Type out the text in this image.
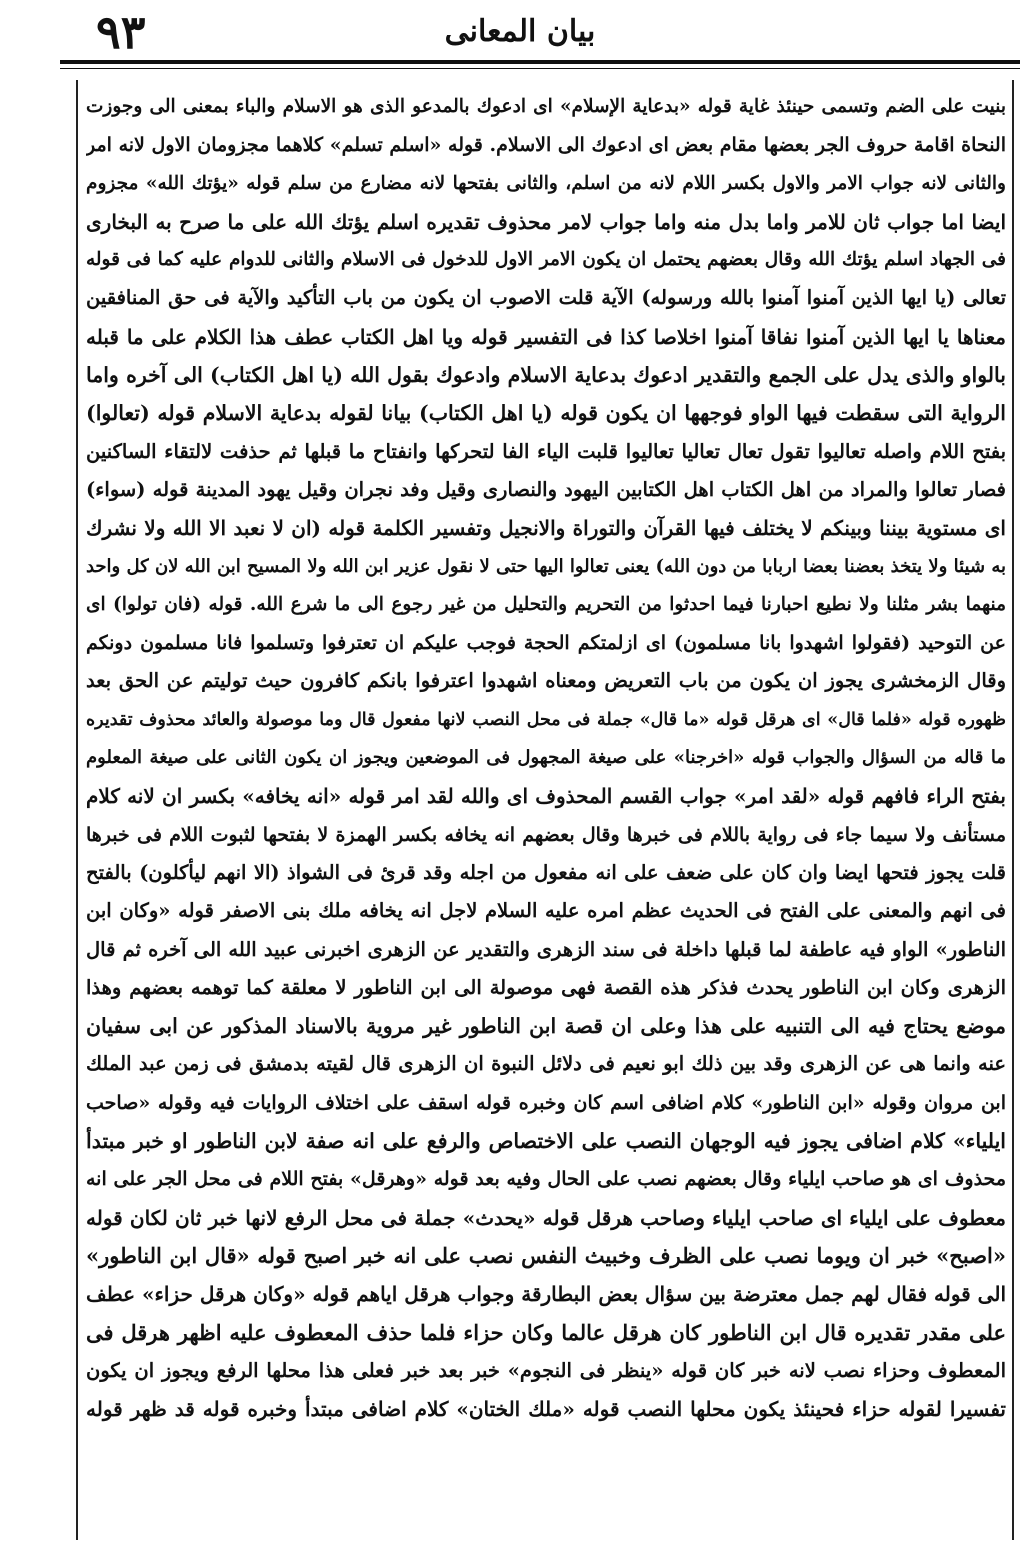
۹۳	بیان المعانی
بنيت على الضم وتسمى حينئذ غاية قوله «بدعاية الإسلام» اى ادعوك بالمدعو الذى هو الاسلام والباء بمعنى الى وجوزت
النحاة اقامة حروف الجر بعضها مقام بعض اى ادعوك الى الاسلام. قوله «اسلم تسلم» كلاهما مجزومان الاول لانه امر
والثانى لانه جواب الامر والاول بكسر اللام لانه من اسلم، والثانى بفتحها لانه مضارع من سلم قوله «يؤتك الله» مجزوم
ايضا اما جواب ثان للامر واما بدل منه واما جواب لامر محذوف تقديره اسلم يؤتك الله على ما صرح به البخارى
فى الجهاد اسلم يؤتك الله وقال بعضهم يحتمل ان يكون الامر الاول للدخول فى الاسلام والثانى للدوام عليه كما فى قوله
تعالى (يا ايها الذين آمنوا آمنوا بالله ورسوله) الآية قلت الاصوب ان يكون من باب التأكيد والآية فى حق المنافقين
معناها يا ايها الذين آمنوا نفاقا آمنوا اخلاصا كذا فى التفسير قوله ويا اهل الكتاب عطف هذا الكلام على ما قبله
بالواو والذى يدل على الجمع والتقدير ادعوك بدعاية الاسلام وادعوك بقول الله (يا اهل الكتاب) الى آخره واما
الرواية التى سقطت فيها الواو فوجهها ان يكون قوله (يا اهل الكتاب) بيانا لقوله بدعاية الاسلام قوله (تعالوا)
بفتح اللام واصله تعاليوا تقول تعال تعاليا تعاليوا قلبت الياء الفا لتحركها وانفتاح ما قبلها ثم حذفت لالتقاء الساكنين
فصار تعالوا والمراد من اهل الكتاب اهل الكتابين اليهود والنصارى وقيل وفد نجران وقيل يهود المدينة قوله (سواء)
اى مستوية بيننا وبينكم لا يختلف فيها القرآن والتوراة والانجيل وتفسير الكلمة قوله (ان لا نعبد الا الله ولا نشرك
به شيئا ولا يتخذ بعضنا بعضا اربابا من دون الله) يعنى تعالوا اليها حتى لا نقول عزير ابن الله ولا المسيح ابن الله لان كل واحد
منهما بشر مثلنا ولا نطيع احبارنا فيما احدثوا من التحريم والتحليل من غير رجوع الى ما شرع الله. قوله (فان تولوا) اى
عن التوحيد (فقولوا اشهدوا بانا مسلمون) اى ازلمتكم الحجة فوجب عليكم ان تعترفوا وتسلموا فانا مسلمون دونكم
وقال الزمخشرى يجوز ان يكون من باب التعريض ومعناه اشهدوا اعترفوا بانكم كافرون حيث توليتم عن الحق بعد
ظهوره قوله «فلما قال» اى هرقل قوله «ما قال» جملة فى محل النصب لانها مفعول قال وما موصولة والعائد محذوف تقديره
ما قاله من السؤال والجواب قوله «اخرجنا» على صيغة المجهول فى الموضعين ويجوز ان يكون الثانى على صيغة المعلوم
بفتح الراء فافهم قوله «لقد امر» جواب القسم المحذوف اى والله لقد امر قوله «انه يخافه» بكسر ان لانه كلام
مستأنف ولا سيما جاء فى رواية باللام فى خبرها وقال بعضهم انه يخافه بكسر الهمزة لا بفتحها لثبوت اللام فى خبرها
قلت يجوز فتحها ايضا وان كان على ضعف على انه مفعول من اجله وقد قرئ فى الشواذ (الا انهم ليأكلون) بالفتح
فى انهم والمعنى على الفتح فى الحديث عظم امره عليه السلام لاجل انه يخافه ملك بنى الاصفر قوله «وكان ابن
الناطور» الواو فيه عاطفة لما قبلها داخلة فى سند الزهرى والتقدير عن الزهرى اخبرنى عبيد الله الى آخره ثم قال
الزهرى وكان ابن الناطور يحدث فذكر هذه القصة فهى موصولة الى ابن الناطور لا معلقة كما توهمه بعضهم وهذا
موضع يحتاج فيه الى التنبيه على هذا وعلى ان قصة ابن الناطور غير مروية بالاسناد المذكور عن ابى سفيان
عنه وانما هى عن الزهرى وقد بين ذلك ابو نعيم فى دلائل النبوة ان الزهرى قال لقيته بدمشق فى زمن عبد الملك
ابن مروان وقوله «ابن الناطور» كلام اضافى اسم كان وخبره قوله اسقف على اختلاف الروايات فيه وقوله «صاحب
ايلياء» كلام اضافى يجوز فيه الوجهان النصب على الاختصاص والرفع على انه صفة لابن الناطور او خبر مبتدأ
محذوف اى هو صاحب ايلياء وقال بعضهم نصب على الحال وفيه بعد قوله «وهرقل» بفتح اللام فى محل الجر على انه
معطوف على ايلياء اى صاحب ايلياء وصاحب هرقل قوله «يحدث» جملة فى محل الرفع لانها خبر ثان لكان قوله
«اصبح» خبر ان ويوما نصب على الظرف وخبيث النفس نصب على انه خبر اصبح قوله «قال ابن الناطور»
الى قوله فقال لهم جمل معترضة بين سؤال بعض البطارقة وجواب هرقل اياهم قوله «وكان هرقل حزاء» عطف
على مقدر تقديره قال ابن الناطور كان هرقل عالما وكان حزاء فلما حذف المعطوف عليه اظهر هرقل فى
المعطوف وحزاء نصب لانه خبر كان قوله «ينظر فى النجوم» خبر بعد خبر فعلى هذا محلها الرفع ويجوز ان يكون
تفسيرا لقوله حزاء فحينئذ يكون محلها النصب قوله «ملك الختان» كلام اضافى مبتدأ وخبره قوله قد ظهر قوله
